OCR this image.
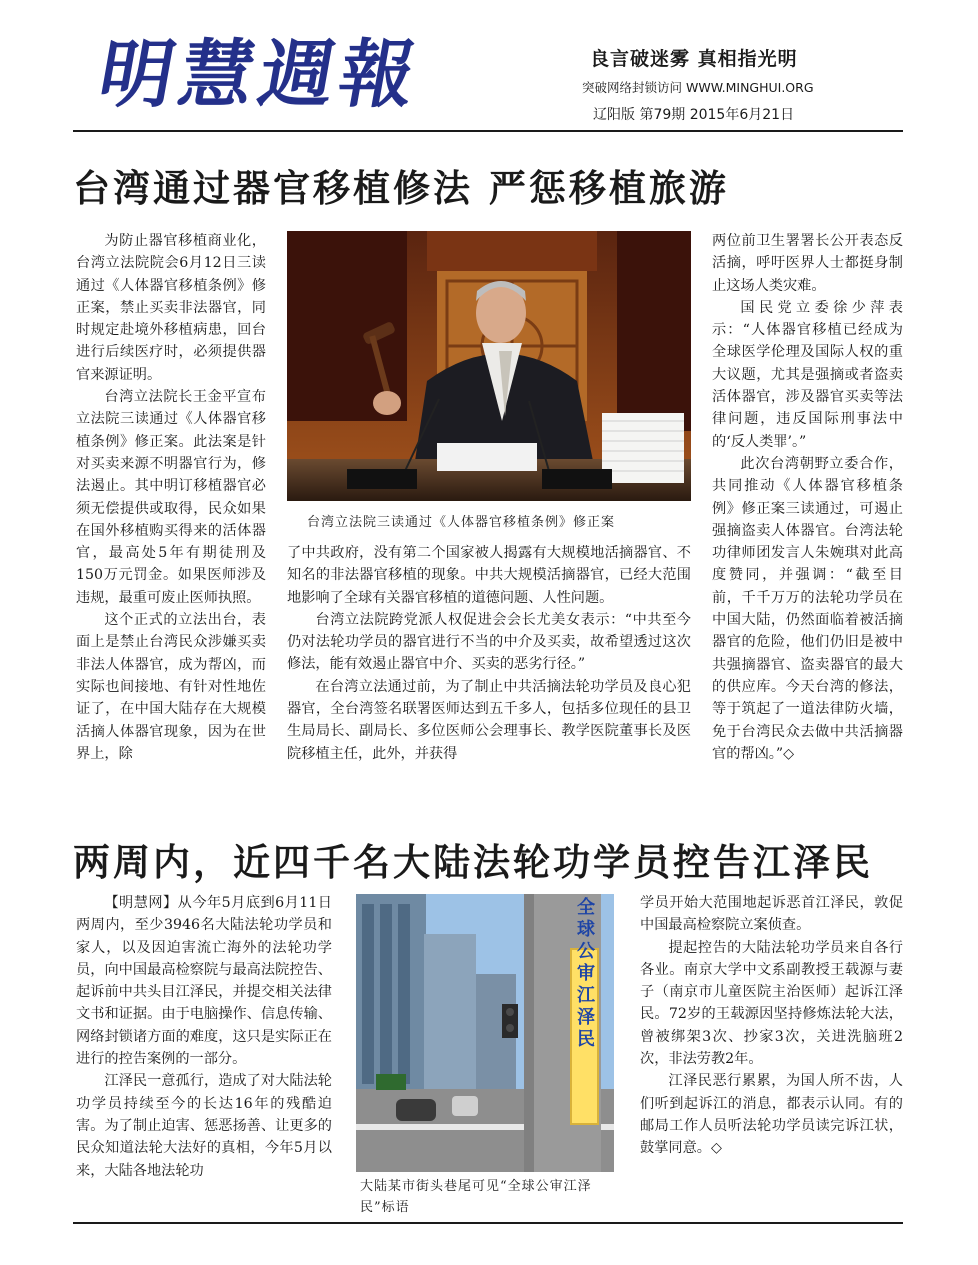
明慧週報	良言破迷雾 真相指光明
突破网络封锁访问 WWW.MINGHUI.ORG
辽阳版 第79期 2015年6月21日
台湾通过器官移植修法 严惩移植旅游

为防止器官移植商业化，台湾立法院院会6月12日三读通过《人体器官移植条例》修正案，禁止买卖非法器官，同时规定赴境外移植病患，回台进行后续医疗时，必须提供器官来源证明。

台湾立法院长王金平宣布立法院三读通过《人体器官移植条例》修正案。此法案是针对买卖来源不明器官行为，修法遏止。其中明订移植器官必须无偿提供或取得，民众如果在国外移植购买得来的活体器官，最高处5年有期徒刑及150万元罚金。如果医师涉及违规，最重可废止医师执照。

这个正式的立法出台，表面上是禁止台湾民众涉嫌买卖非法人体器官，成为帮凶，而实际也间接地、有针对性地佐证了，在中国大陆存在大规模活摘人体器官现象，因为在世界上，除

台湾立法院三读通过《人体器官移植条例》修正案

了中共政府，没有第二个国家被人揭露有大规模地活摘器官、不知名的非法器官移植的现象。中共大规模活摘器官，已经大范围地影响了全球有关器官移植的道德问题、人性问题。

台湾立法院跨党派人权促进会会长尤美女表示：“中共至今仍对法轮功学员的器官进行不当的中介及买卖，故希望透过这次修法，能有效遏止器官中介、买卖的恶劣行径。”

在台湾立法通过前，为了制止中共活摘法轮功学员及良心犯器官，全台湾签名联署医师达到五千多人，包括多位现任的县卫生局局长、副局长、多位医师公会理事长、教学医院董事长及医院移植主任，此外，并获得

两位前卫生署署长公开表态反活摘，呼吁医界人士都挺身制止这场人类灾难。

国民党立委徐少萍表示：“人体器官移植已经成为全球医学伦理及国际人权的重大议题，尤其是强摘或者盗卖活体器官，涉及器官买卖等法律问题，违反国际刑事法中的‘反人类罪’。”

此次台湾朝野立委合作，共同推动《人体器官移植条例》修正案三读通过，可遏止强摘盗卖人体器官。台湾法轮功律师团发言人朱婉琪对此高度赞同，并强调：“截至目前，千千万万的法轮功学员在中国大陆，仍然面临着被活摘器官的危险，他们仍旧是被中共强摘器官、盗卖器官的最大的供应库。今天台湾的修法，等于筑起了一道法律防火墙，免于台湾民众去做中共活摘器官的帮凶。”◇

两周内，近四千名大陆法轮功学员控告江泽民

【明慧网】从今年5月底到6月11日两周内，至少3946名大陆法轮功学员和家人，以及因迫害流亡海外的法轮功学员，向中国最高检察院与最高法院控告、起诉前中共头目江泽民，并提交相关法律文书和证据。由于电脑操作、信息传输、网络封锁诸方面的难度，这只是实际正在进行的控告案例的一部分。

江泽民一意孤行，造成了对大陆法轮功学员持续至今的长达16年的残酷迫害。为了制止迫害、惩恶扬善、让更多的民众知道法轮大法好的真相，今年5月以来，大陆各地法轮功

全球公审江泽民
大陆某市街头巷尾可见“全球公审江泽民”标语

学员开始大范围地起诉恶首江泽民，敦促中国最高检察院立案侦查。

提起控告的大陆法轮功学员来自各行各业。南京大学中文系副教授王载源与妻子（南京市儿童医院主治医师）起诉江泽民。72岁的王载源因坚持修炼法轮大法，曾被绑架3次、抄家3次，关进洗脑班2次，非法劳教2年。

江泽民恶行累累，为国人所不齿，人们听到起诉江的消息，都表示认同。有的邮局工作人员听法轮功学员读完诉江状，鼓掌同意。◇
